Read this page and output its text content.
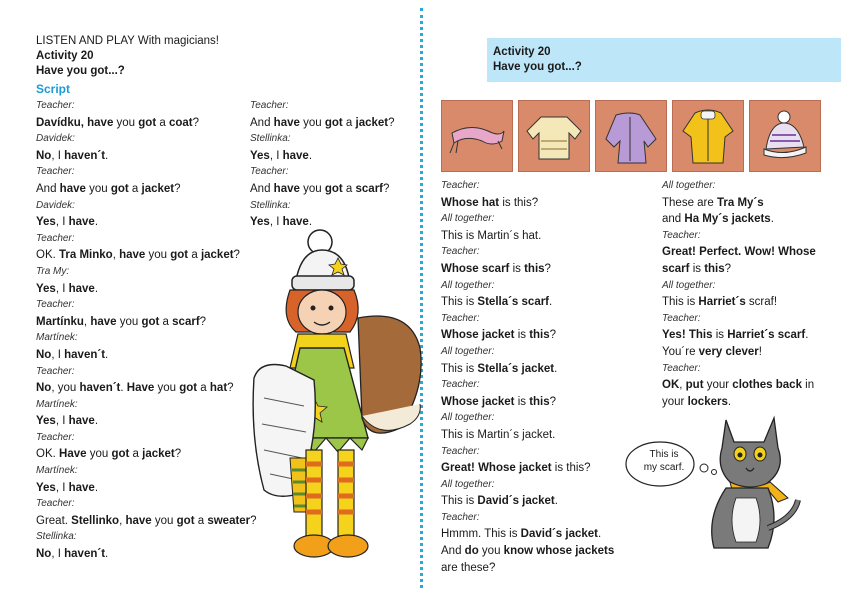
LISTEN AND PLAY With magicians!
Activity 20
Have you got...?
Script
Teacher:
Davídku, have you got a coat?
Davidek:
No, I haven´t.
Teacher:
And have you got a jacket?
Davidek:
Yes, I have.
Teacher:
OK. Tra Minko, have you got a jacket?
Tra My:
Yes, I have.
Teacher:
Martínku, have you got a scarf?
Martínek:
No, I haven´t.
Teacher:
No, you haven´t. Have you got a hat?
Martínek:
Yes, I have.
Teacher:
OK. Have you got a jacket?
Martínek:
Yes, I have.
Teacher:
Great. Stellinko, have you got a sweater?
Stellinka:
No, I haven´t.
Teacher:
And have you got a jacket?
Stellinka:
Yes, I have.
Teacher:
And have you got a scarf?
Stellinka:
Yes, I have.
Activity 20
Have you got...?
Teacher:
Whose hat is this?
All together:
This is Martin´s hat.
Teacher:
Whose scarf is this?
All together:
This is Stella´s scarf.
Teacher:
Whose jacket is this?
All together:
This is Stella´s jacket.
Teacher:
Whose jacket is this?
All together:
This is Martin´s jacket.
Teacher:
Great! Whose jacket is this?
All together:
This is David´s jacket.
Teacher:
Hmmm. This is David´s jacket.
And do you know whose jackets
are these?
All together:
These are Tra My´s
and Ha My´s jackets.
Teacher:
Great! Perfect. Wow! Whose
scarf is this?
All together:
This is Harriet´s scraf!
Teacher:
Yes! This is Harriet´s scarf.
You´re very clever!
Teacher:
OK, put your clothes back in
your lockers.
This is
my scarf.
